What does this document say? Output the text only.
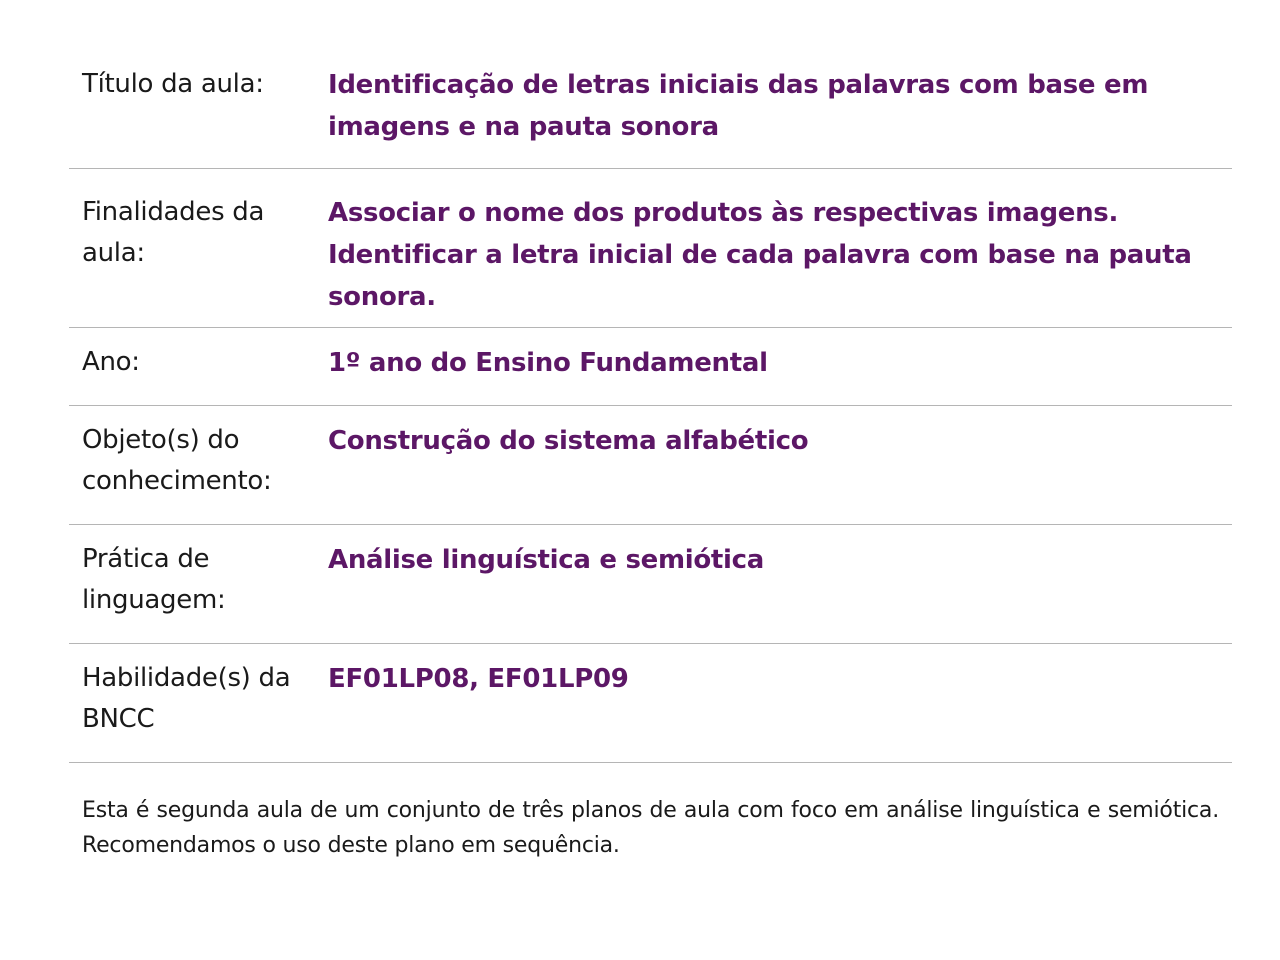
Título da aula:	Identificação de letras iniciais das palavras com base em imagens e na pauta sonora
Finalidades da aula:
Associar o nome dos produtos às respectivas imagens.
Identificar a letra inicial de cada palavra com base na pauta sonora.
Ano:	1º ano do Ensino Fundamental
Objeto(s) do conhecimento:
Construção do sistema alfabético
Prática de linguagem:
Análise linguística e semiótica
Habilidade(s) da BNCC
EF01LP08, EF01LP09

Esta é segunda aula de um conjunto de três planos de aula com foco em análise linguística e semiótica. Recomendamos o uso deste plano em sequência.
